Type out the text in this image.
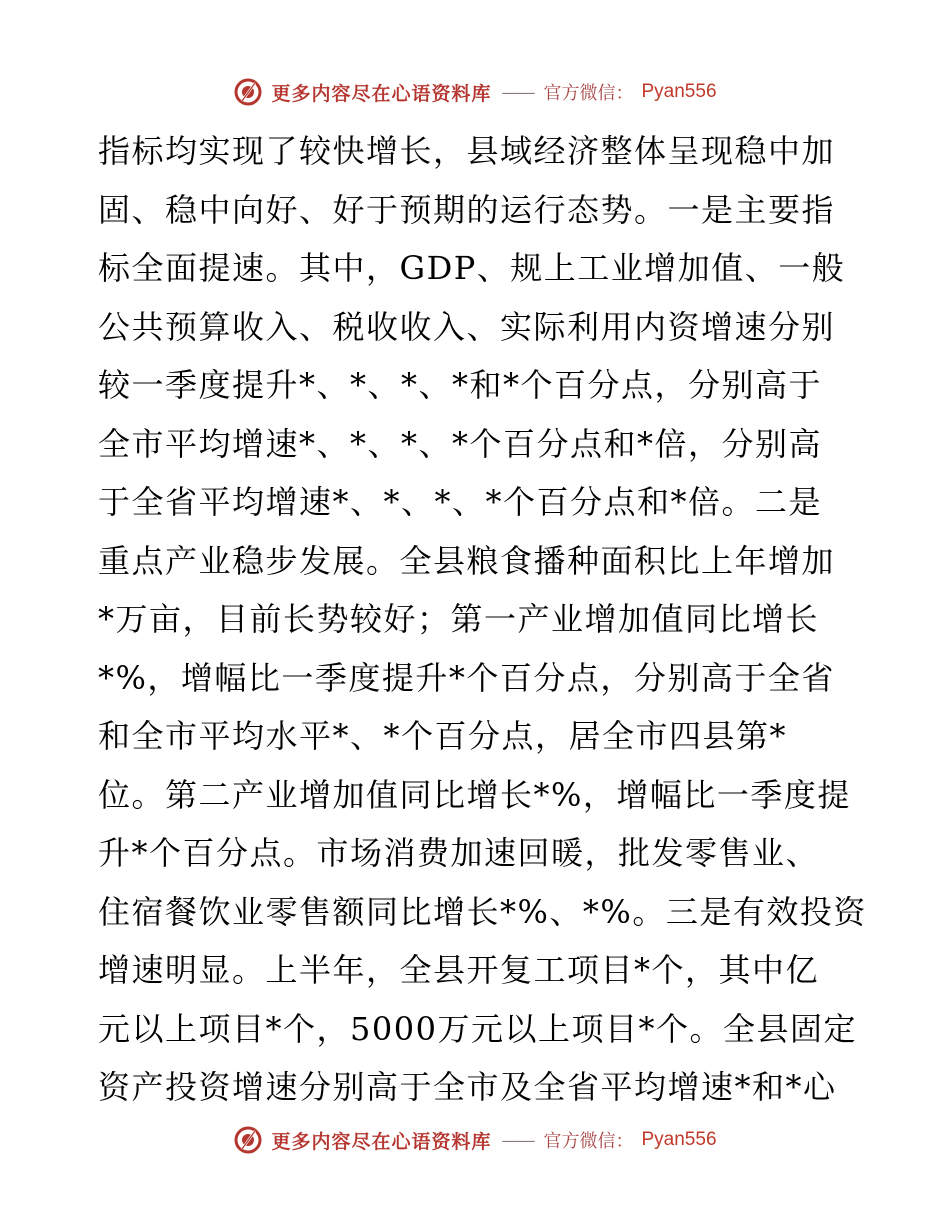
更多内容尽在心语资料库 —— 官方微信： Pyan556
指标均实现了较快增长，县域经济整体呈现稳中加
固、稳中向好、好于预期的运行态势。一是主要指
标全面提速。其中，GDP、规上工业增加值、一般
公共预算收入、税收收入、实际利用内资增速分别
较一季度提升*、*、*、*和*个百分点，分别高于
全市平均增速*、*、*、*个百分点和*倍，分别高
于全省平均增速*、*、*、*个百分点和*倍。二是
重点产业稳步发展。全县粮食播种面积比上年增加
*万亩，目前长势较好；第一产业增加值同比增长
*%，增幅比一季度提升*个百分点，分别高于全省
和全市平均水平*、*个百分点，居全市四县第*
位。第二产业增加值同比增长*%，增幅比一季度提
升*个百分点。市场消费加速回暖，批发零售业、
住宿餐饮业零售额同比增长*%、*%。三是有效投资
增速明显。上半年，全县开复工项目*个，其中亿
元以上项目*个，5000万元以上项目*个。全县固定
资产投资增速分别高于全市及全省平均增速*和*心
更多内容尽在心语资料库 —— 官方微信： Pyan556
